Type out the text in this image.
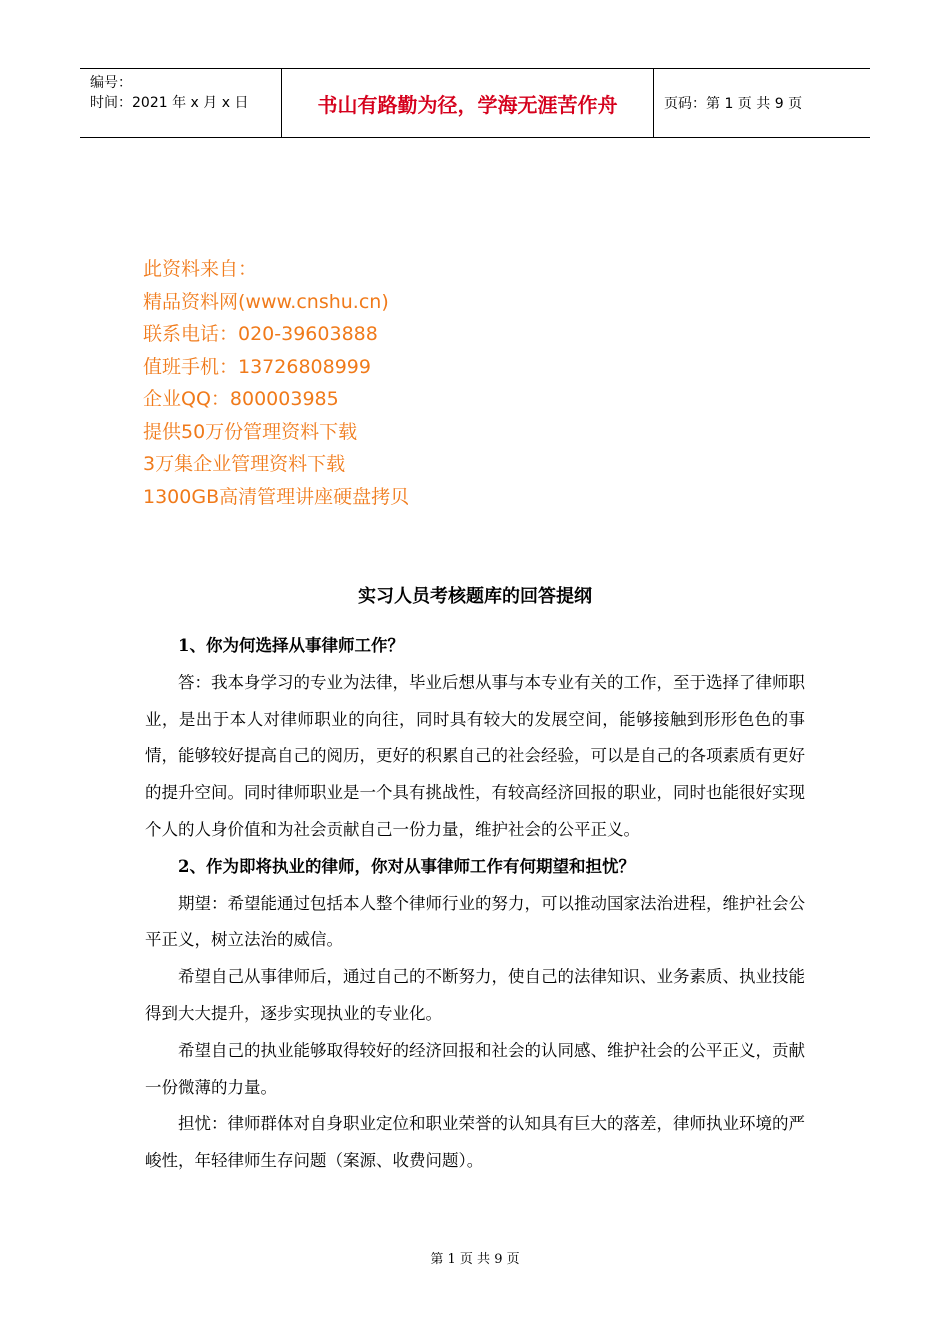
编号：
时间：2021 年 x 月 x 日	书山有路勤为径，学海无涯苦作舟	页码：第 1 页 共 9 页
此资料来自：
精品资料网(www.cnshu.cn)
联系电话：020-39603888
值班手机：13726808999
企业QQ：800003985
提供50万份管理资料下载
3万集企业管理资料下载
1300GB高清管理讲座硬盘拷贝
实习人员考核题库的回答提纲

1、你为何选择从事律师工作？

答：我本身学习的专业为法律，毕业后想从事与本专业有关的工作，至于选择了律师职业，是出于本人对律师职业的向往，同时具有较大的发展空间，能够接触到形形色色的事情，能够较好提高自己的阅历，更好的积累自己的社会经验，可以是自己的各项素质有更好的提升空间。同时律师职业是一个具有挑战性，有较高经济回报的职业，同时也能很好实现个人的人身价值和为社会贡献自己一份力量，维护社会的公平正义。

2、作为即将执业的律师，你对从事律师工作有何期望和担忧？

期望：希望能通过包括本人整个律师行业的努力，可以推动国家法治进程，维护社会公平正义，树立法治的威信。

希望自己从事律师后，通过自己的不断努力，使自己的法律知识、业务素质、执业技能得到大大提升，逐步实现执业的专业化。

希望自己的执业能够取得较好的经济回报和社会的认同感、维护社会的公平正义，贡献一份微薄的力量。

担忧：律师群体对自身职业定位和职业荣誉的认知具有巨大的落差，律师执业环境的严峻性，年轻律师生存问题（案源、收费问题）。

第 1 页 共 9 页
